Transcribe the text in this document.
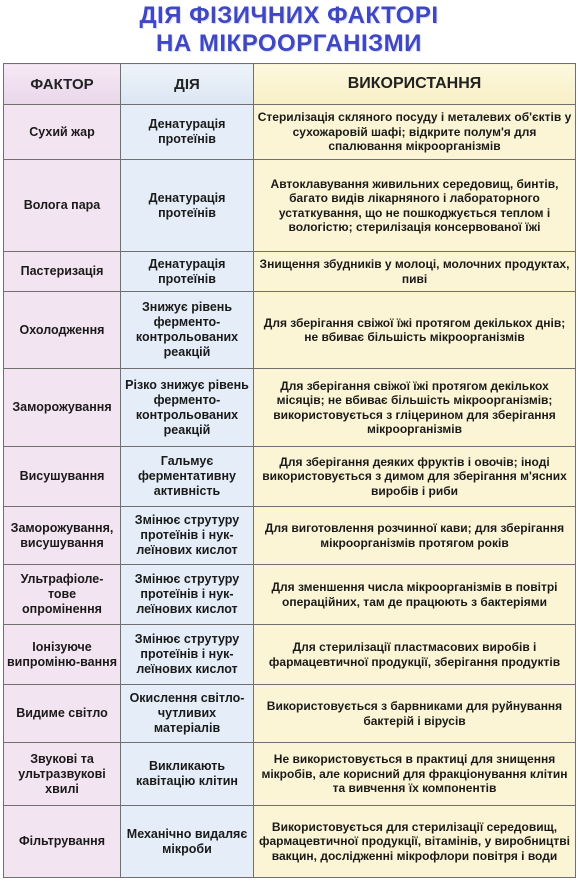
ДІЯ ФІЗИЧНИХ ФАКТОРІ
НА МІКРООРГАНІЗМИ
ФАКТОР	ДІЯ	ВИКОРИСТАННЯ
Сухий жар	Денатурація протеїнів	Стерилізація скляного посуду і металевих об'єктів у сухожаровій шафі; відкрите полум'я для спалювання мікроорганізмів
Волога пара	Денатурація протеїнів	Автоклавування живильних середовищ, бинтів, багато видів лікарняного і лабораторного устаткування, що не пошкоджується теплом і вологістю; стерилізація консервованої їжі
Пастеризація	Денатурація протеїнів	Знищення збудників у молоці, молочних продуктах, пиві
Охолодження	Знижує рівень ферменто-контрольованих реакцій	Для зберігання свіжої їжі протягом декількох днів; не вбиває більшість мікроорганізмів
Заморожування	Різко знижує рівень ферменто-контрольованих реакцій	Для зберігання свіжої їжі протягом декількох місяців; не вбиває більшість мікроорганізмів; використовується з гліцерином для зберігання мікроорганізмів
Висушування	Гальмує ферментативну активність	Для зберігання деяких фруктів і овочів; іноді використовується з димом для зберігання м'ясних виробів і риби
Заморожування, висушування	Змінює струтуру протеїнів і нук-леїнових кислот	Для виготовлення розчинної кави; для зберігання мікроорганізмів протягом років
Ультрафіоле-тове опромінення	Змінює струтуру протеїнів і нук-леїнових кислот	Для зменшення числа мікроорганізмів в повітрі операційних, там де працюють з бактеріями
Іонізуюче випроміню-вання	Змінює струтуру протеїнів і нук-леїнових кислот	Для стерилізації пластмасових виробів і фармацевтичної продукції, зберігання продуктів
Видиме світло	Окислення світло-чутливих матеріалів	Використовується з барвниками для руйнування бактерій і вірусів
Звукові та ультразвукові хвилі	Викликають кавітацію клітин	Не використовується в практиці для знищення мікробів, але корисний для фракціонування клітин та вивчення їх компонентів
Фільтрування	Механічно видаляє мікроби	Використовується для стерилізації середовищ, фармацевтичної продукції, вітамінів, у виробництві вакцин, дослідженні мікрофлори повітря і води
